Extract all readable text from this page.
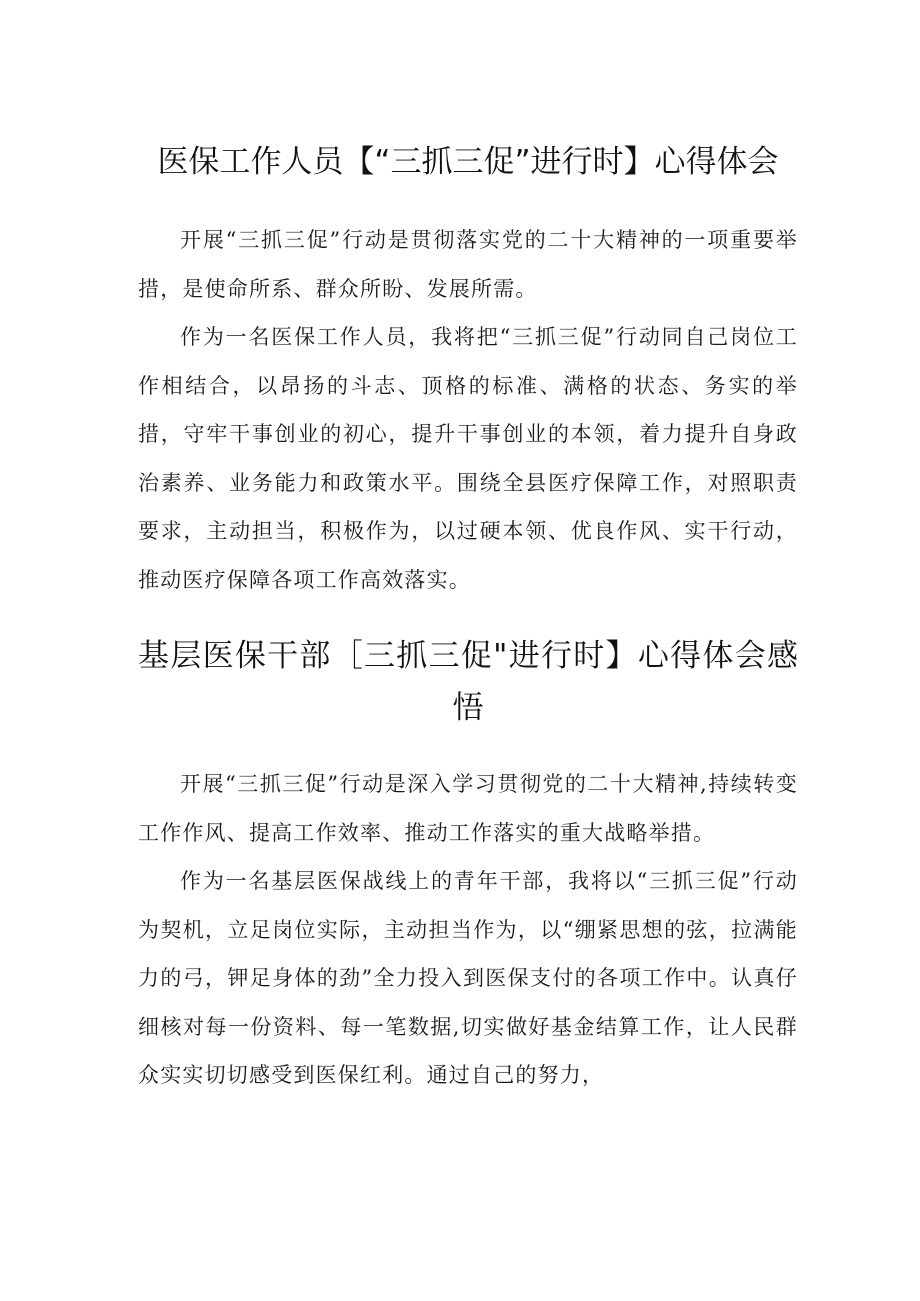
医保工作人员【“三抓三促”进行时】心得体会

开展“三抓三促”行动是贯彻落实党的二十大精神的一项重要举措，是使命所系、群众所盼、发展所需。

作为一名医保工作人员，我将把“三抓三促”行动同自己岗位工作相结合，以昂扬的斗志、顶格的标准、满格的状态、务实的举措，守牢干事创业的初心，提升干事创业的本领，着力提升自身政治素养、业务能力和政策水平。围绕全县医疗保障工作，对照职责要求，主动担当，积极作为，以过硬本领、优良作风、实干行动，推动医疗保障各项工作高效落实。

基层医保干部［三抓三促"进行时】心得体会感悟

开展“三抓三促”行动是深入学习贯彻党的二十大精神,持续转变工作作风、提高工作效率、推动工作落实的重大战略举措。

作为一名基层医保战线上的青年干部，我将以“三抓三促”行动为契机，立足岗位实际，主动担当作为，以“绷紧思想的弦，拉满能力的弓，钾足身体的劲”全力投入到医保支付的各项工作中。认真仔细核对每一份资料、每一笔数据,切实做好基金结算工作，让人民群众实实切切感受到医保红利。通过自己的努力，
